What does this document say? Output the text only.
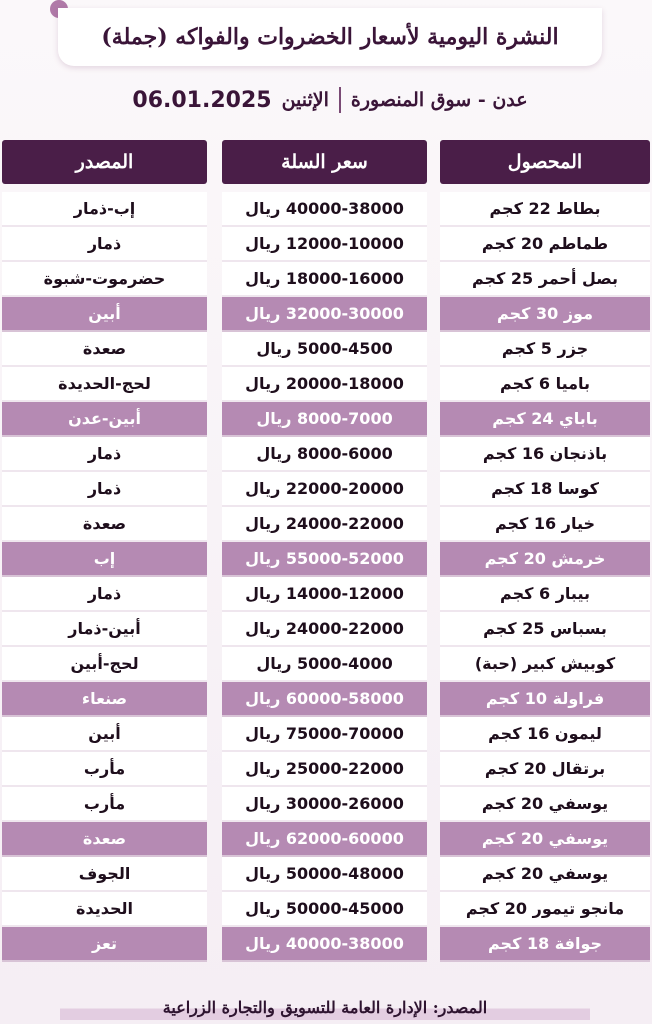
النشرة اليومية لأسعار الخضروات والفواكه (جملة)
عدن - سوق المنصورة
الإثنين
06.01.2025
المحصول
سعر السلة
المصدر
بطاط 22 كجم
40000-38000 ريال
إب-ذمار
طماطم 20 كجم
12000-10000 ريال
ذمار
بصل أحمر 25 كجم
18000-16000 ريال
حضرموت-شبوة
موز 30 كجم
32000-30000 ريال
أبين
جزر 5 كجم
5000-4500 ريال
صعدة
باميا 6 كجم
20000-18000 ريال
لحج-الحديدة
باباي 24 كجم
8000-7000 ريال
أبين-عدن
باذنجان 16 كجم
8000-6000 ريال
ذمار
كوسا 18 كجم
22000-20000 ريال
ذمار
خيار 16 كجم
24000-22000 ريال
صعدة
خرمش 20 كجم
55000-52000 ريال
إب
بيبار 6 كجم
14000-12000 ريال
ذمار
بسباس 25 كجم
24000-22000 ريال
أبين-ذمار
كوبيش كبير (حبة)
5000-4000 ريال
لحج-أبين
فراولة 10 كجم
60000-58000 ريال
صنعاء
ليمون 16 كجم
75000-70000 ريال
أبين
برتقال 20 كجم
25000-22000 ريال
مأرب
يوسفي 20 كجم
30000-26000 ريال
مأرب
يوسفي 20 كجم
62000-60000 ريال
صعدة
يوسفي 20 كجم
50000-48000 ريال
الجوف
مانجو تيمور 20 كجم
50000-45000 ريال
الحديدة
جوافة 18 كجم
40000-38000 ريال
تعز
المصدر: الإدارة العامة للتسويق والتجارة الزراعية
